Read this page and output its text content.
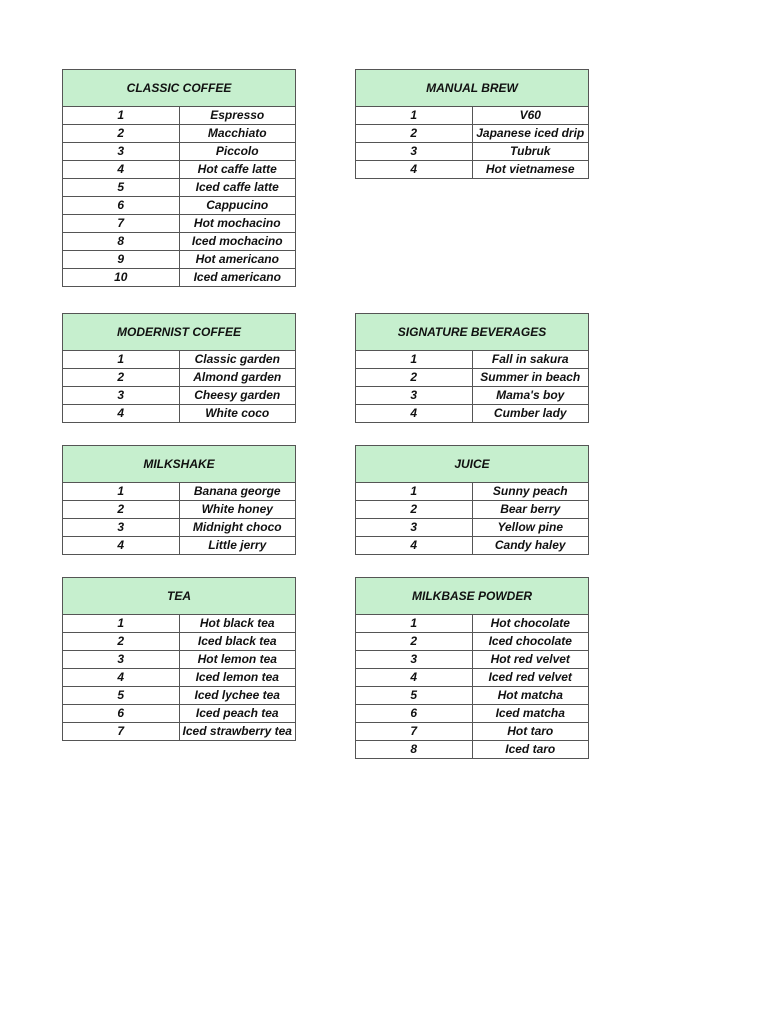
CLASSIC COFFEE	
1	Espresso
2	Macchiato
3	Piccolo
4	Hot caffe latte
5	Iced caffe latte
6	Cappucino
7	Hot mochacino
8	Iced mochacino
9	Hot americano
10	Iced americano
MANUAL BREW	
1	V60
2	Japanese iced drip
3	Tubruk
4	Hot vietnamese
MODERNIST COFFEE	
1	Classic garden
2	Almond garden
3	Cheesy garden
4	White coco
SIGNATURE BEVERAGES	
1	Fall in sakura
2	Summer in beach
3	Mama's boy
4	Cumber lady
MILKSHAKE	
1	Banana george
2	White honey
3	Midnight choco
4	Little jerry
JUICE	
1	Sunny peach
2	Bear berry
3	Yellow pine
4	Candy haley
TEA	
1	Hot black tea
2	Iced black tea
3	Hot lemon tea
4	Iced lemon tea
5	Iced lychee tea
6	Iced peach tea
7	Iced strawberry tea
MILKBASE POWDER	
1	Hot chocolate
2	Iced chocolate
3	Hot red velvet
4	Iced red velvet
5	Hot matcha
6	Iced matcha
7	Hot taro
8	Iced taro
